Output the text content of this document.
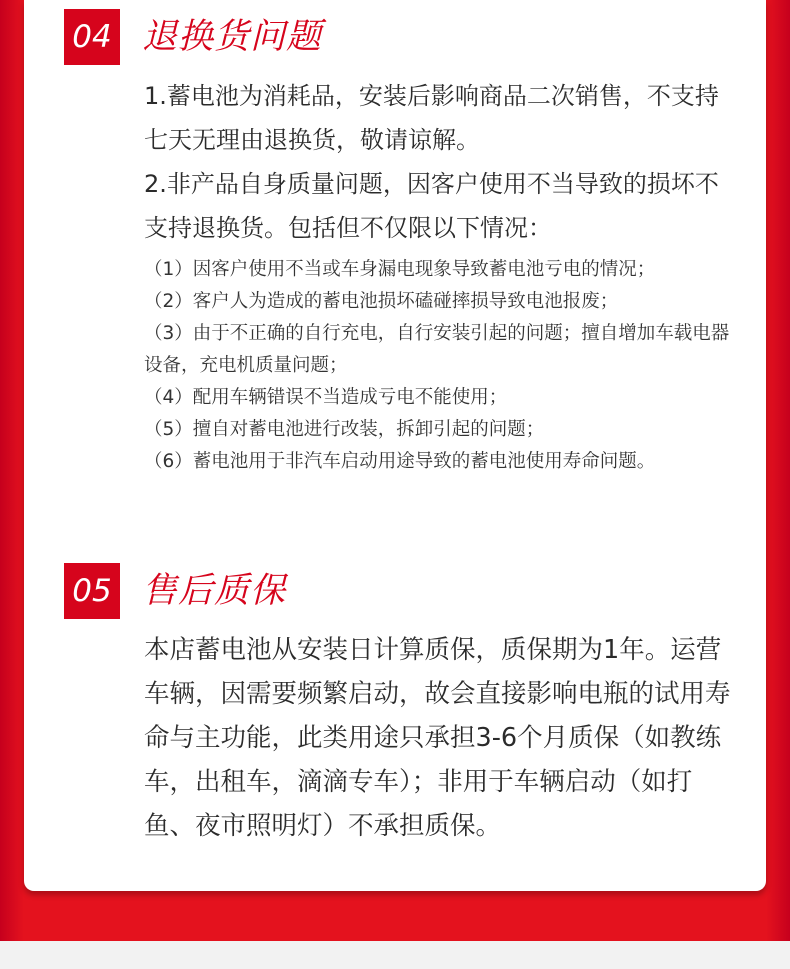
04 退换货问题

1.蓄电池为消耗品，安装后影响商品二次销售，不支持七天无理由退换货，敬请谅解。

2.非产品自身质量问题，因客户使用不当导致的损坏不支持退换货。包括但不仅限以下情况：

（1）因客户使用不当或车身漏电现象导致蓄电池亏电的情况；

（2）客户人为造成的蓄电池损坏磕碰摔损导致电池报废；

（3）由于不正确的自行充电，自行安装引起的问题；擅自增加车载电器设备，充电机质量问题；

（4）配用车辆错误不当造成亏电不能使用；

（5）擅自对蓄电池进行改装，拆卸引起的问题；

（6）蓄电池用于非汽车启动用途导致的蓄电池使用寿命问题。

05 售后质保

本店蓄电池从安装日计算质保，质保期为1年。运营车辆，因需要频繁启动，故会直接影响电瓶的试用寿命与主功能，此类用途只承担3-6个月质保（如教练车，出租车，滴滴专车）；非用于车辆启动（如打鱼、夜市照明灯）不承担质保。
